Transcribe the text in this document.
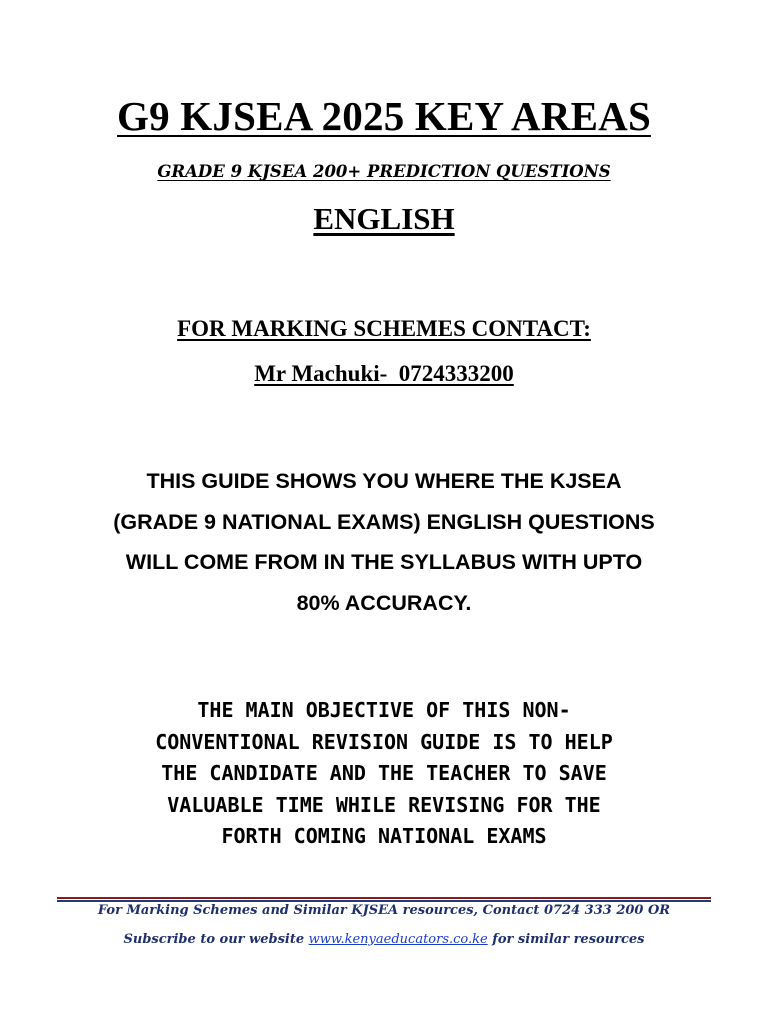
G9 KJSEA 2025 KEY AREAS
GRADE 9 KJSEA 200+ PREDICTION QUESTIONS
ENGLISH
FOR MARKING SCHEMES CONTACT:
Mr Machuki-  0724333200
THIS GUIDE SHOWS YOU WHERE THE KJSEA
(GRADE 9 NATIONAL EXAMS) ENGLISH QUESTIONS
WILL COME FROM IN THE SYLLABUS WITH UPTO
80% ACCURACY.
THE MAIN OBJECTIVE OF THIS NON-
CONVENTIONAL REVISION GUIDE IS TO HELP
THE CANDIDATE AND THE TEACHER TO SAVE
VALUABLE TIME WHILE REVISING FOR THE
FORTH COMING NATIONAL EXAMS
For Marking Schemes and Similar KJSEA resources, Contact 0724 333 200 OR
Subscribe to our website www.kenyaeducators.co.ke for similar resources
